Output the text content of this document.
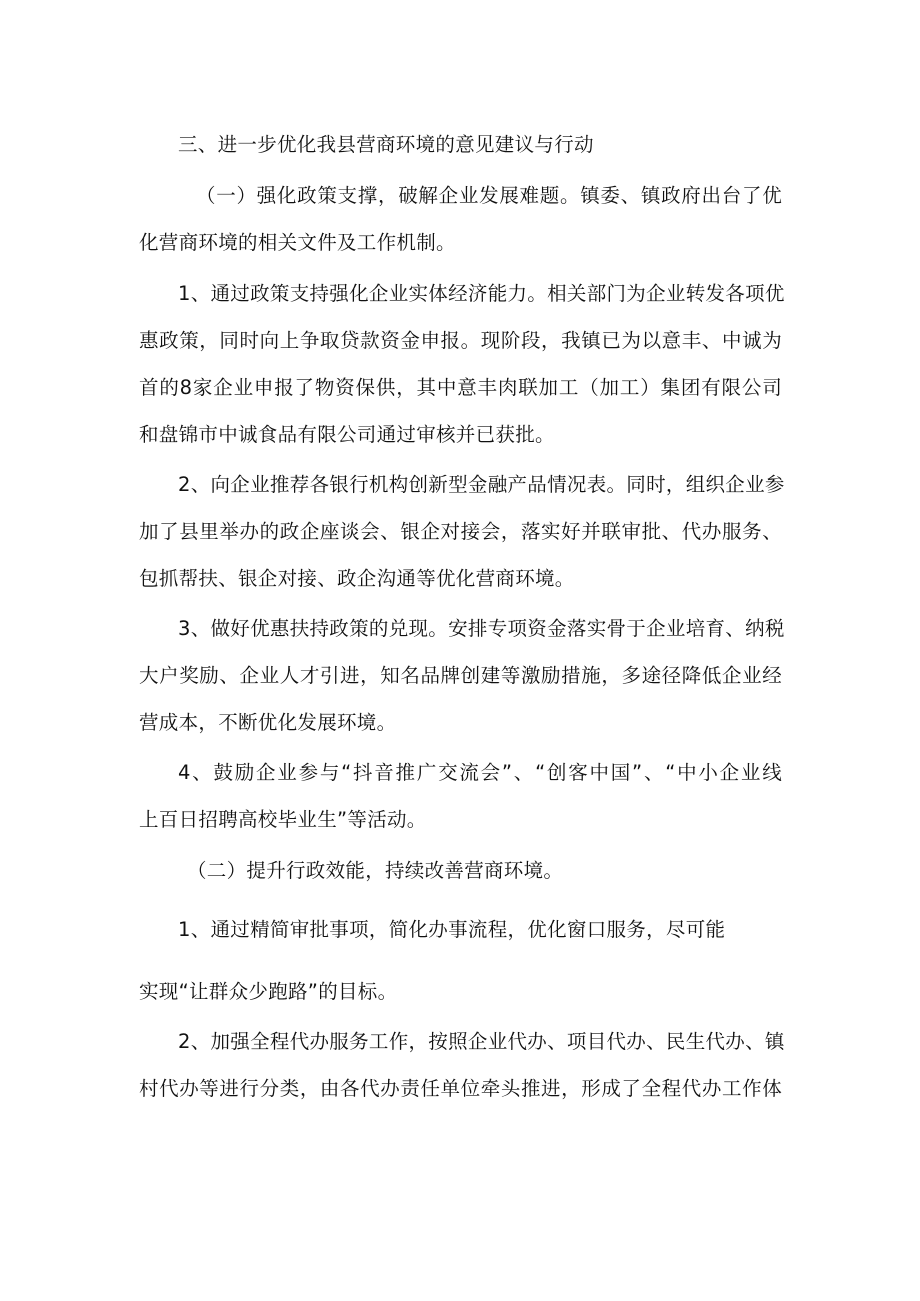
三、进一步优化我县营商环境的意见建议与行动
（一）强化政策支撑，破解企业发展难题。镇委、镇政府出台了优
化营商环境的相关文件及工作机制。
1、通过政策支持强化企业实体经济能力。相关部门为企业转发各项优
惠政策，同时向上争取贷款资金申报。现阶段，我镇已为以意丰、中诚为
首的8家企业申报了物资保供，其中意丰肉联加工（加工）集团有限公司
和盘锦市中诚食品有限公司通过审核并已获批。
2、向企业推荐各银行机构创新型金融产品情况表。同时，组织企业参
加了县里举办的政企座谈会、银企对接会，落实好并联审批、代办服务、
包抓帮扶、银企对接、政企沟通等优化营商环境。
3、做好优惠扶持政策的兑现。安排专项资金落实骨于企业培育、纳税
大户奖励、企业人才引进，知名品牌创建等激励措施，多途径降低企业经
营成本，不断优化发展环境。
4、鼓励企业参与“抖音推广交流会”、“创客中国”、“中小企业线
上百日招聘高校毕业生”等活动。
（二）提升行政效能，持续改善营商环境。
1、通过精简审批事项，简化办事流程，优化窗口服务，尽可能
实现“让群众少跑路”的目标。
2、加强全程代办服务工作，按照企业代办、项目代办、民生代办、镇
村代办等进行分类，由各代办责任单位牵头推进，形成了全程代办工作体
